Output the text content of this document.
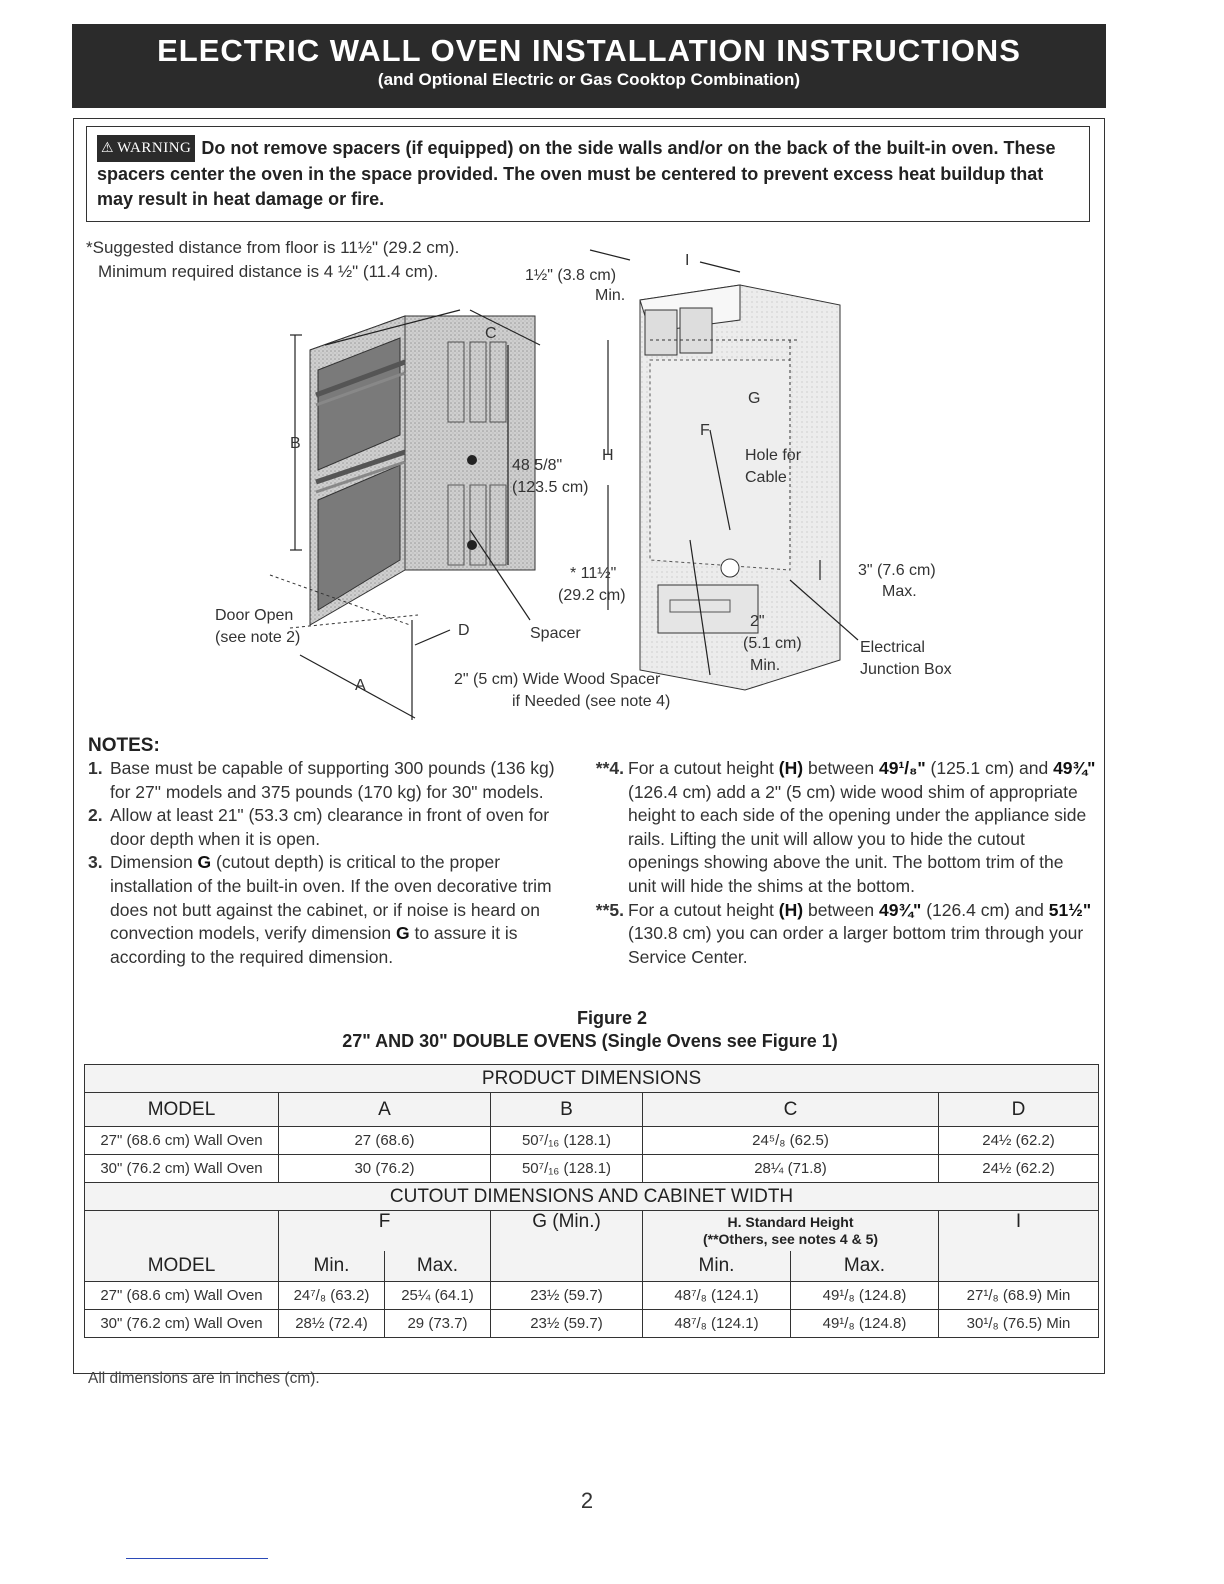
ELECTRIC WALL OVEN INSTALLATION INSTRUCTIONS
(and Optional Electric or Gas Cooktop Combination)
⚠ WARNING Do not remove spacers (if equipped) on the side walls and/or on the back of the built-in oven. These spacers center the oven in the space provided. The oven must be centered to prevent excess heat buildup that may result in heat damage or fire.
*Suggested distance from floor is 11½" (29.2 cm).
Minimum required distance is 4 ½" (11.4 cm).	1½" (3.8 cm)
Min.
I
C
B
F
G
H
D
A
48 5/8"
(123.5 cm)
Hole for
Cable
* 11½"
(29.2 cm)
Spacer
Door Open
(see note 2)
3" (7.6 cm)
Max.
2"
(5.1 cm)
Min.
Electrical
Junction Box
2" (5 cm) Wide Wood Spacer
if Needed (see note 4)
NOTES:
1. Base must be capable of supporting 300 pounds (136 kg) for 27" models and 375 pounds (170 kg) for 30" models.
2. Allow at least 21" (53.3 cm) clearance in front of oven for door depth when it is open.
3. Dimension G (cutout depth) is critical to the proper installation of the built-in oven. If the oven decorative trim does not butt against the cabinet, or if noise is heard on convection models, verify dimension G to assure it is according to the required dimension.
**4. For a cutout height (H) between 49¹/₈" (125.1 cm) and 49¾" (126.4 cm) add a 2" (5 cm) wide wood shim of appropriate height to each side of the opening under the appliance side rails. Lifting the unit will allow you to hide the cutout openings showing above the unit. The bottom trim of the unit will hide the shims at the bottom.
**5. For a cutout height (H) between 49¾" (126.4 cm) and 51½" (130.8 cm) you can order a larger bottom trim through your Service Center.
Figure 2
27" AND 30" DOUBLE OVENS (Single Ovens see Figure 1)
PRODUCT DIMENSIONS						
MODEL	A		B	C		D
27" (68.6 cm) Wall Oven	27 (68.6)		50⁷/₁₆ (128.1)	24⁵/₈ (62.5)		24½ (62.2)
30" (76.2 cm) Wall Oven	30 (76.2)		50⁷/₁₆ (128.1)	28¼ (71.8)		24½ (62.2)
CUTOUT DIMENSIONS AND CABINET WIDTH						
MODEL	F		G (Min.)	H. Standard Height
(**Others, see notes 4 & 5)		I
	Min.	Max.		Min.	Max.	
27" (68.6 cm) Wall Oven	24⁷/₈ (63.2)	25¼ (64.1)	23½ (59.7)	48⁷/₈ (124.1)	49¹/₈ (124.8)	27¹/₈ (68.9) Min
30" (76.2 cm) Wall Oven	28½ (72.4)	29 (73.7)	23½ (59.7)	48⁷/₈ (124.1)	49¹/₈ (124.8)	30¹/₈ (76.5) Min
All dimensions are in inches (cm).
2
